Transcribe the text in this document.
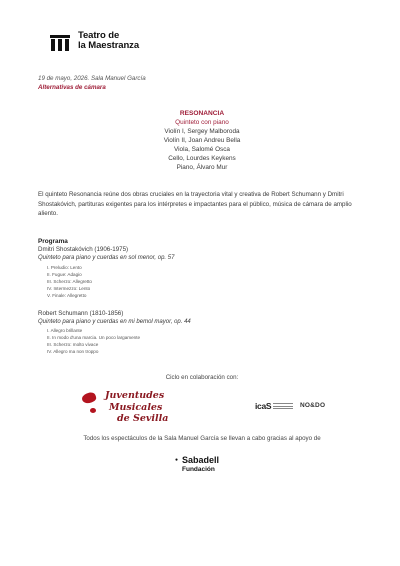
Teatro de
la Maestranza
19 de mayo, 2026. Sala Manuel García
Alternativas de cámara
RESONANCIA
Quinteto con piano
Violín I, Sergey Malboroda
Violín II, Joan Andreu Bella
Viola, Salomé Osca
Cello, Lourdes Keykens
Piano, Álvaro Mur
El quinteto Resonancia reúne dos obras cruciales en la trayectoria vital y creativa de Robert Schumann y Dmitri Shostakóvich, partituras exigentes para los intérpretes e impactantes para el público, música de cámara de amplio aliento.
Programa
Dmitri Shostakóvich (1906-1975)
Quinteto para piano y cuerdas en sol menor, op. 57
I. Preludio: Lento
II. Fugue: Adagio
III. Scherzo: Allegretto
IV. Intermezzo: Lento
V. Finale: Allegretto
Robert Schumann (1810-1856)
Quinteto para piano y cuerdas en mi bemol mayor, op. 44
I. Allegro brillante
II. In modo d'una marcia. Un poco largamente
III. Scherzo: molto vivace
IV. Allegro ma non troppo
Ciclo en colaboración con:
Juventudes
Musicales
de Sevilla
icaS	NO&DO
Todos los espectáculos de la Sala Manuel García se llevan a cabo gracias al apoyo de
● Sabadell
Fundación
